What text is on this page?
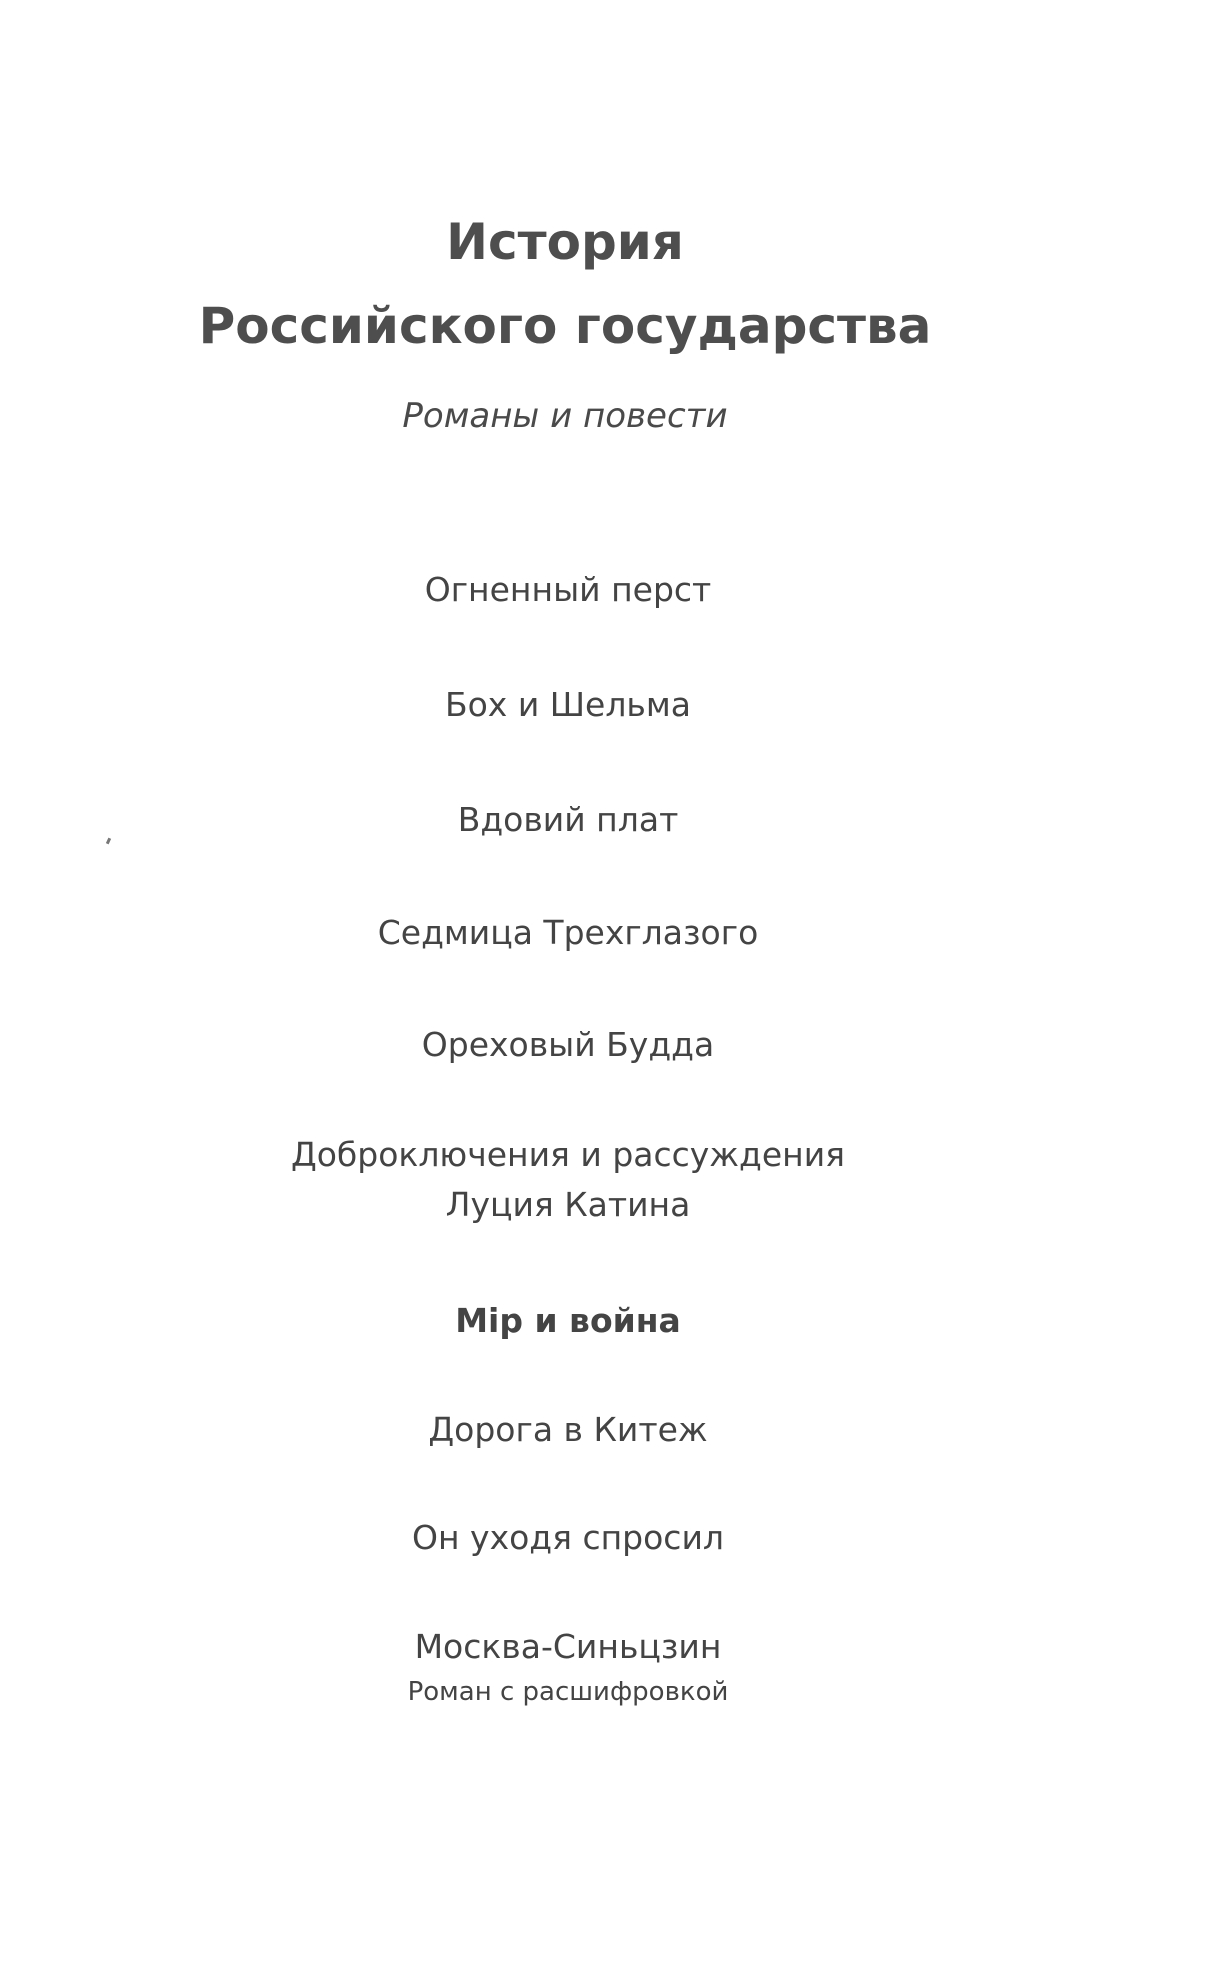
История
Российского государства
Романы и повести
Огненный перст
Бох и Шельма
Вдовий плат
Седмица Трехглазого
Ореховый Будда
Доброключения и рассуждения
Луция Катина
Мір и война
Дорога в Китеж
Он уходя спросил
Москва-Синьцзин
Роман с расшифровкой
